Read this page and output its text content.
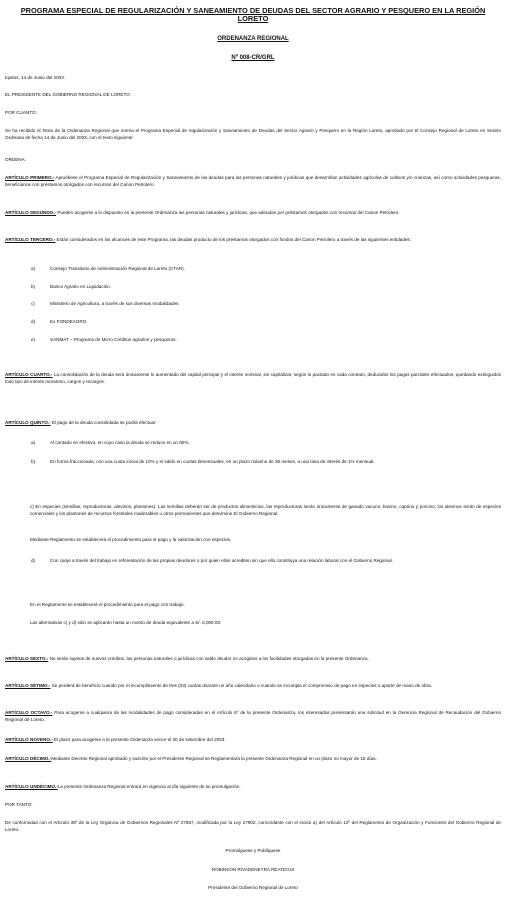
PROGRAMA ESPECIAL DE REGULARIZACIÓN Y SANEAMIENTO DE DEUDAS DEL SECTOR AGRARIO Y PESQUERO EN LA REGIÓN LORETO

ORDENANZA REGIONAL

Nº 008-CR/GRL

Iquitos, 14 de Junio del 2003.

EL PRESIDENTE DEL GOBIERNO REGIONAL DE LORETO

POR CUANTO:

Se ha recibido el Texto de la Ordenanza Regional que norma el Programa Especial de regularización y Saneamiento de Deudas del Sector Agrario y Pesquero en la Región Loreto, aprobado por el Consejo Regional de Loreto en Sesión Ordinaria de fecha 14 de Junio del 2003, con el texto siguiente:

ORDENA:

ARTÍCULO PRIMERO.- Apruébese el Programa Especial de Regularización y Saneamiento de las deudas para las personas naturales y jurídicas que desarrollan actividades agrícolas de cultivos y/o crianzas, así como actividades pesqueras, beneficiarios con préstamos otorgados con recursos del Canon Petrolero.

ARTÍCULO SEGUNDO.- Pueden acogerse a lo dispuesto en la presente Ordenanza las personas naturales y jurídicas, que adeudan por préstamos otorgados con recursos del Canon Petrolero.

ARTÍCULO TERCERO.- Están considerados en los alcances de este Programa, las deudas producto de los préstamos otorgados con fondos del Canon Petrolero a través de las siguientes entidades:

a)	Consejo Transitorio de Administración Regional de Loreto (CTAR).
b)	Banco Agrario en Liquidación.
c)	Ministerio de Agricultura, a través de sus diversas modalidades.
d)	Ex FONDEAGRO.
e)	SANMAT – Programa de Micro Créditos agrarios y pesqueros.

ARTÍCULO CUARTO.- La consolidación de la deuda será únicamente lo aumentado del capital principal y el interés nominal, sin capitalizar, según lo pactado en cada contrato, deducidos los pagos parciales efectuados, quedando extinguidos todo tipo de interés moratorio, cargos y recargos.

ARTÍCULO QUINTO.- El pago de la deuda consolidada se podrá efectuar:

a)	Al contado en efectivo, en cuyo caso la deuda se reduce en un 60%.
b)	En forma fraccionada, con una cuota inicial de 10% y el saldo en cuotas bimensuales, en un plazo máximo de 36 meses, a una tasa de interés de 1% mensual.

c) En especies (semillas, reproductoras, alevinos, plantones). Las semillas deberán ser de productos alimenticios, las reproductoras serán únicamente de ganado vacuno, bovino, caprino y porcino; los alevinos serán de especies comerciales y los plantones de recursos forestales maderables u otros permanentes que determine El Gobierno Regional.

Mediante Reglamento se establecerá el procedimiento para el pago y la valorización con especies.

d)	Con canje a través del trabajo en reforestación de las propias deudores o por quien ellos acrediten sin que ello constituya una relación laboral con el Gobierno Regional.

En el Reglamento se establecerá el procedimiento para el pago con trabajo.

Las alternativas c) y d) sólo se aplicarán hasta un monto de deuda equivalente a S/. 6,000.00.

ARTÍCULO SEXTO.- No serán sujetos de nuevos créditos, las personas naturales o jurídicas con saldo deudor no acogidos a los facilidades otorgadas en la presente Ordenanza.

ARTÍCULO SÉTIMO.- Se perderá de beneficio cuando por el incumplimiento de tres (03) cuotas durante un año calendario o cuando se incumpla el compromiso de pago en especies o aporte de mano de obra.

ARTÍCULO OCTAVO.- Para acogerse a cualquiera de las modalidades de pago consideradas en el Artículo 6º de la presente Ordenanza, los interesados presentarán una solicitud en la Gerencia Regional de Recaudación del Gobierno Regional de Loreto.

ARTÍCULO NOVENO.- El plazo para acogerse a la presente Ordenanza vence el 30 de setiembre del 2003.

ARTÍCULO DÉCIMO.-Mediante Decreto Regional aprobado y suscrito por el Presidente Regional se Reglamentará la presente Ordenanza Regional en un plazo no mayor de 15 días.

ARTÍCULO UNDÉCIMO.-La presente Ordenanza Regional entrará en vigencia al día siguiente de su promulgación.

POR TANTO:

De conformidad con el Artículo 38º de la Ley Orgánica de Gobiernos Regionales Nº 27867, modificada por la Ley 27902, concordante con el inciso a) del Artículo 12º del Reglamento de Organización y Funciones del Gobierno Regional de Loreto.

Promúlguese y Publíquese

ROBINSON RIVADENEYRA REATEGUI

Presidente del Gobierno Regional de Loreto
